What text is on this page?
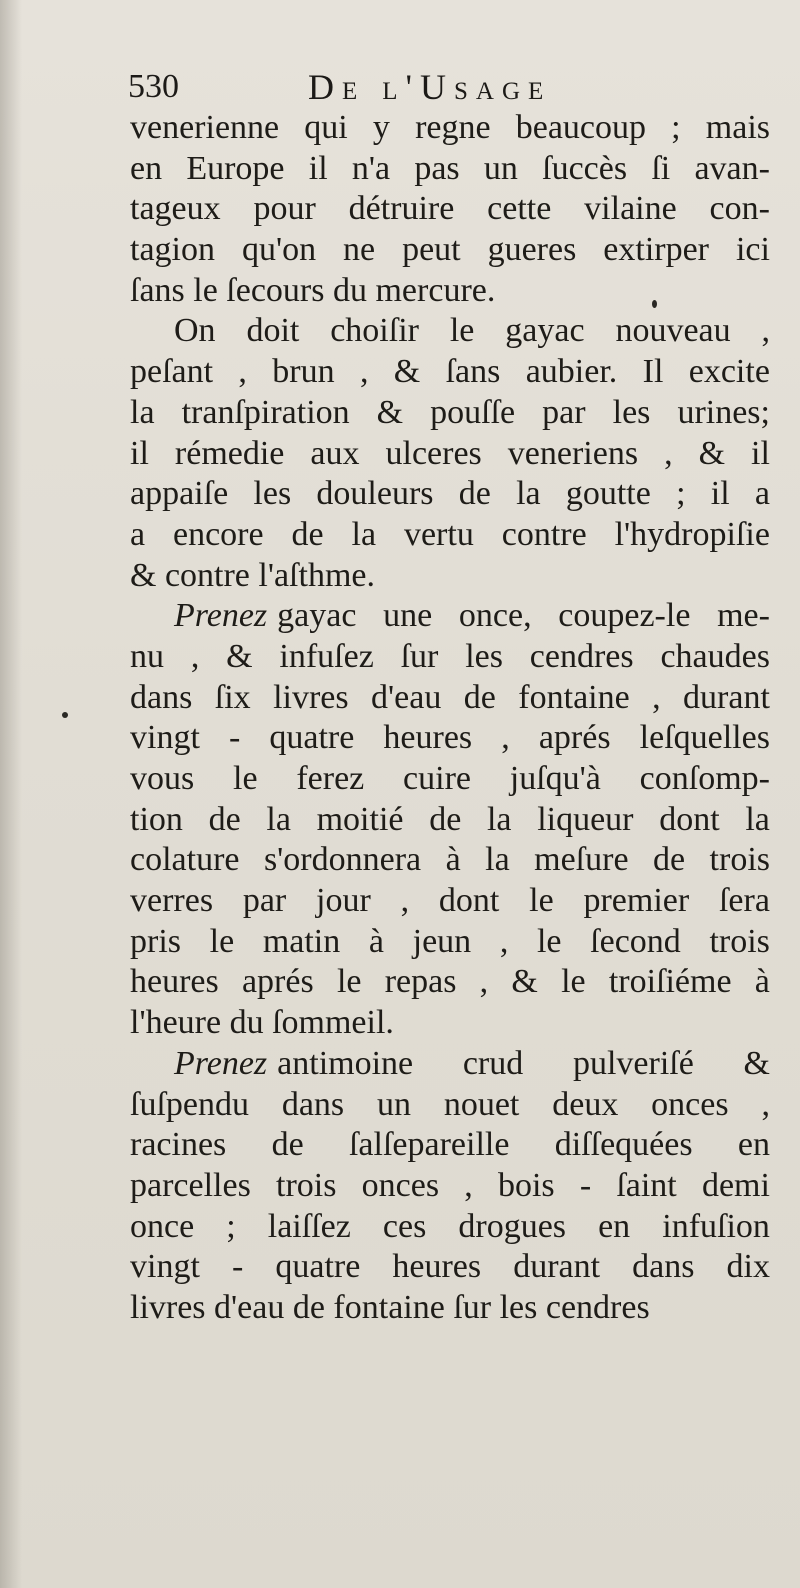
530	De l'Usage
venerienne qui y regne beaucoup ; mais
en Europe il n'a pas un ſuccès ſi avan-
tageux pour détruire cette vilaine con-
tagion qu'on ne peut gueres extirper ici
ſans le ſecours du mercure.
On doit choiſir le gayac nouveau ,
peſant , brun , & ſans aubier. Il excite
la tranſpiration & pouſſe par les urines;
il rémedie aux ulceres veneriens , & il
appaiſe les douleurs de la goutte ; il a
a encore de la vertu contre l'hydropiſie
& contre l'aſthme.
Prenez gayac une once, coupez-le me-
nu , & infuſez ſur les cendres chaudes
dans ſix livres d'eau de fontaine , durant
vingt - quatre heures , aprés leſquelles
vous le ferez cuire juſqu'à conſomp-
tion de la moitié de la liqueur dont la
colature s'ordonnera à la meſure de trois
verres par jour , dont le premier ſera
pris le matin à jeun , le ſecond trois
heures aprés le repas , & le troiſiéme à
l'heure du ſommeil.
Prenez antimoine crud pulveriſé &
ſuſpendu dans un nouet deux onces ,
racines de ſalſepareille diſſequées en
parcelles trois onces , bois - ſaint demi
once ; laiſſez ces drogues en infuſion
vingt - quatre heures durant dans dix
livres d'eau de fontaine ſur les cendres
